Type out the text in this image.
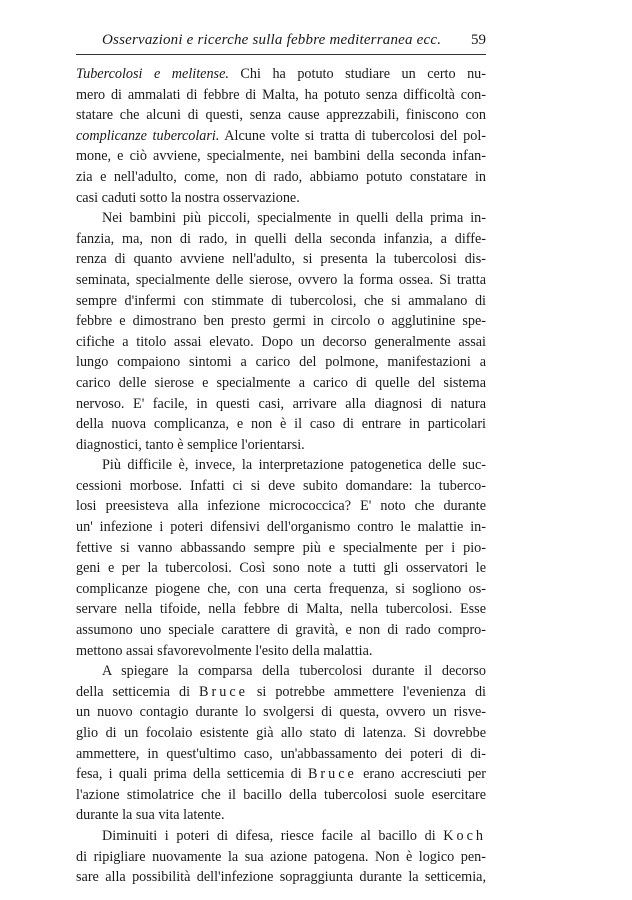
Osservazioni e ricerche sulla febbre mediterranea ecc. 59
Tubercolosi e melitense. Chi ha potuto studiare un certo nu-
mero di ammalati di febbre di Malta, ha potuto senza difficoltà con-
statare che alcuni di questi, senza cause apprezzabili, finiscono con
complicanze tubercolari. Alcune volte si tratta di tubercolosi del pol-
mone, e ciò avviene, specialmente, nei bambini della seconda infan-
zia e nell'adulto, come, non di rado, abbiamo potuto constatare in
casi caduti sotto la nostra osservazione.
Nei bambini più piccoli, specialmente in quelli della prima in-
fanzia, ma, non di rado, in quelli della seconda infanzia, a diffe-
renza di quanto avviene nell'adulto, si presenta la tubercolosi dis-
seminata, specialmente delle sierose, ovvero la forma ossea. Si tratta
sempre d'infermi con stimmate di tubercolosi, che si ammalano di
febbre e dimostrano ben presto germi in circolo o agglutinine spe-
cifiche a titolo assai elevato. Dopo un decorso generalmente assai
lungo compaiono sintomi a carico del polmone, manifestazioni a
carico delle sierose e specialmente a carico di quelle del sistema
nervoso. E' facile, in questi casi, arrivare alla diagnosi di natura
della nuova complicanza, e non è il caso di entrare in particolari
diagnostici, tanto è semplice l'orientarsi.
Più difficile è, invece, la interpretazione patogenetica delle suc-
cessioni morbose. Infatti ci si deve subito domandare: la tuberco-
losi preesisteva alla infezione micrococcica? E' noto che durante
un' infezione i poteri difensivi dell'organismo contro le malattie in-
fettive si vanno abbassando sempre più e specialmente per i pio-
geni e per la tubercolosi. Così sono note a tutti gli osservatori le
complicanze piogene che, con una certa frequenza, si sogliono os-
servare nella tifoide, nella febbre di Malta, nella tubercolosi. Esse
assumono uno speciale carattere di gravità, e non di rado compro-
mettono assai sfavorevolmente l'esito della malattia.
A spiegare la comparsa della tubercolosi durante il decorso
della setticemia di Bruce si potrebbe ammettere l'evenienza di
un nuovo contagio durante lo svolgersi di questa, ovvero un risve-
glio di un focolaio esistente già allo stato di latenza. Si dovrebbe
ammettere, in quest'ultimo caso, un'abbassamento dei poteri di di-
fesa, i quali prima della setticemia di Bruce erano accresciuti per
l'azione stimolatrice che il bacillo della tubercolosi suole esercitare
durante la sua vita latente.
Diminuiti i poteri di difesa, riesce facile al bacillo di Koch
di ripigliare nuovamente la sua azione patogena. Non è logico pen-
sare alla possibilità dell'infezione sopraggiunta durante la setticemia,
